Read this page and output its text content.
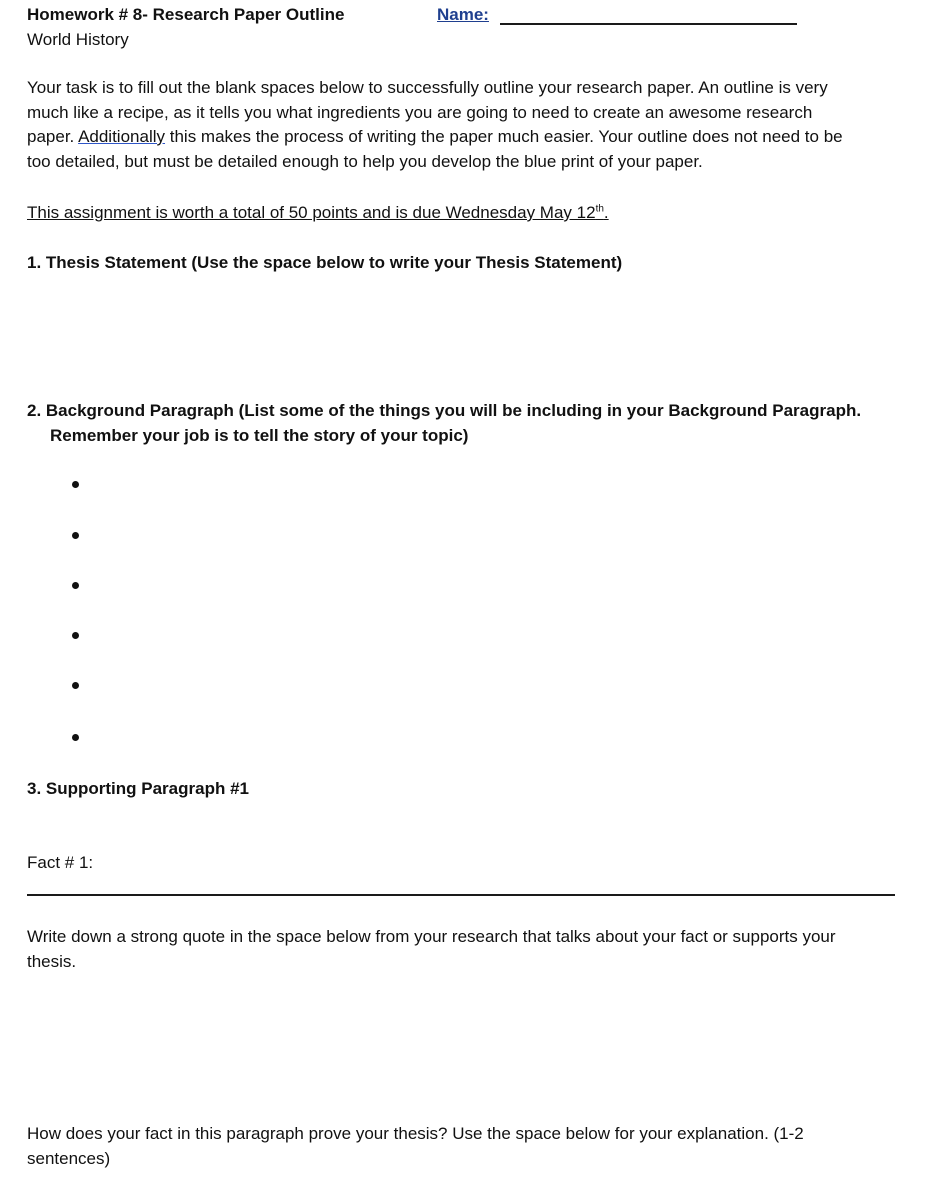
Homework # 8- Research Paper Outline
World History
Name:
Your task is to fill out the blank spaces below to successfully outline your research paper. An outline is very
much like a recipe, as it tells you what ingredients you are going to need to create an awesome research
paper. Additionally this makes the process of writing the paper much easier. Your outline does not need to be
too detailed, but must be detailed enough to help you develop the blue print of your paper.
This assignment is worth a total of 50 points and is due Wednesday May 12th.
1. Thesis Statement (Use the space below to write your Thesis Statement)
2. Background Paragraph (List some of the things you will be including in your Background Paragraph.
Remember your job is to tell the story of your topic)
3. Supporting Paragraph #1
Fact # 1:
Write down a strong quote in the space below from your research that talks about your fact or supports your
thesis.
How does your fact in this paragraph prove your thesis? Use the space below for your explanation. (1-2
sentences)
